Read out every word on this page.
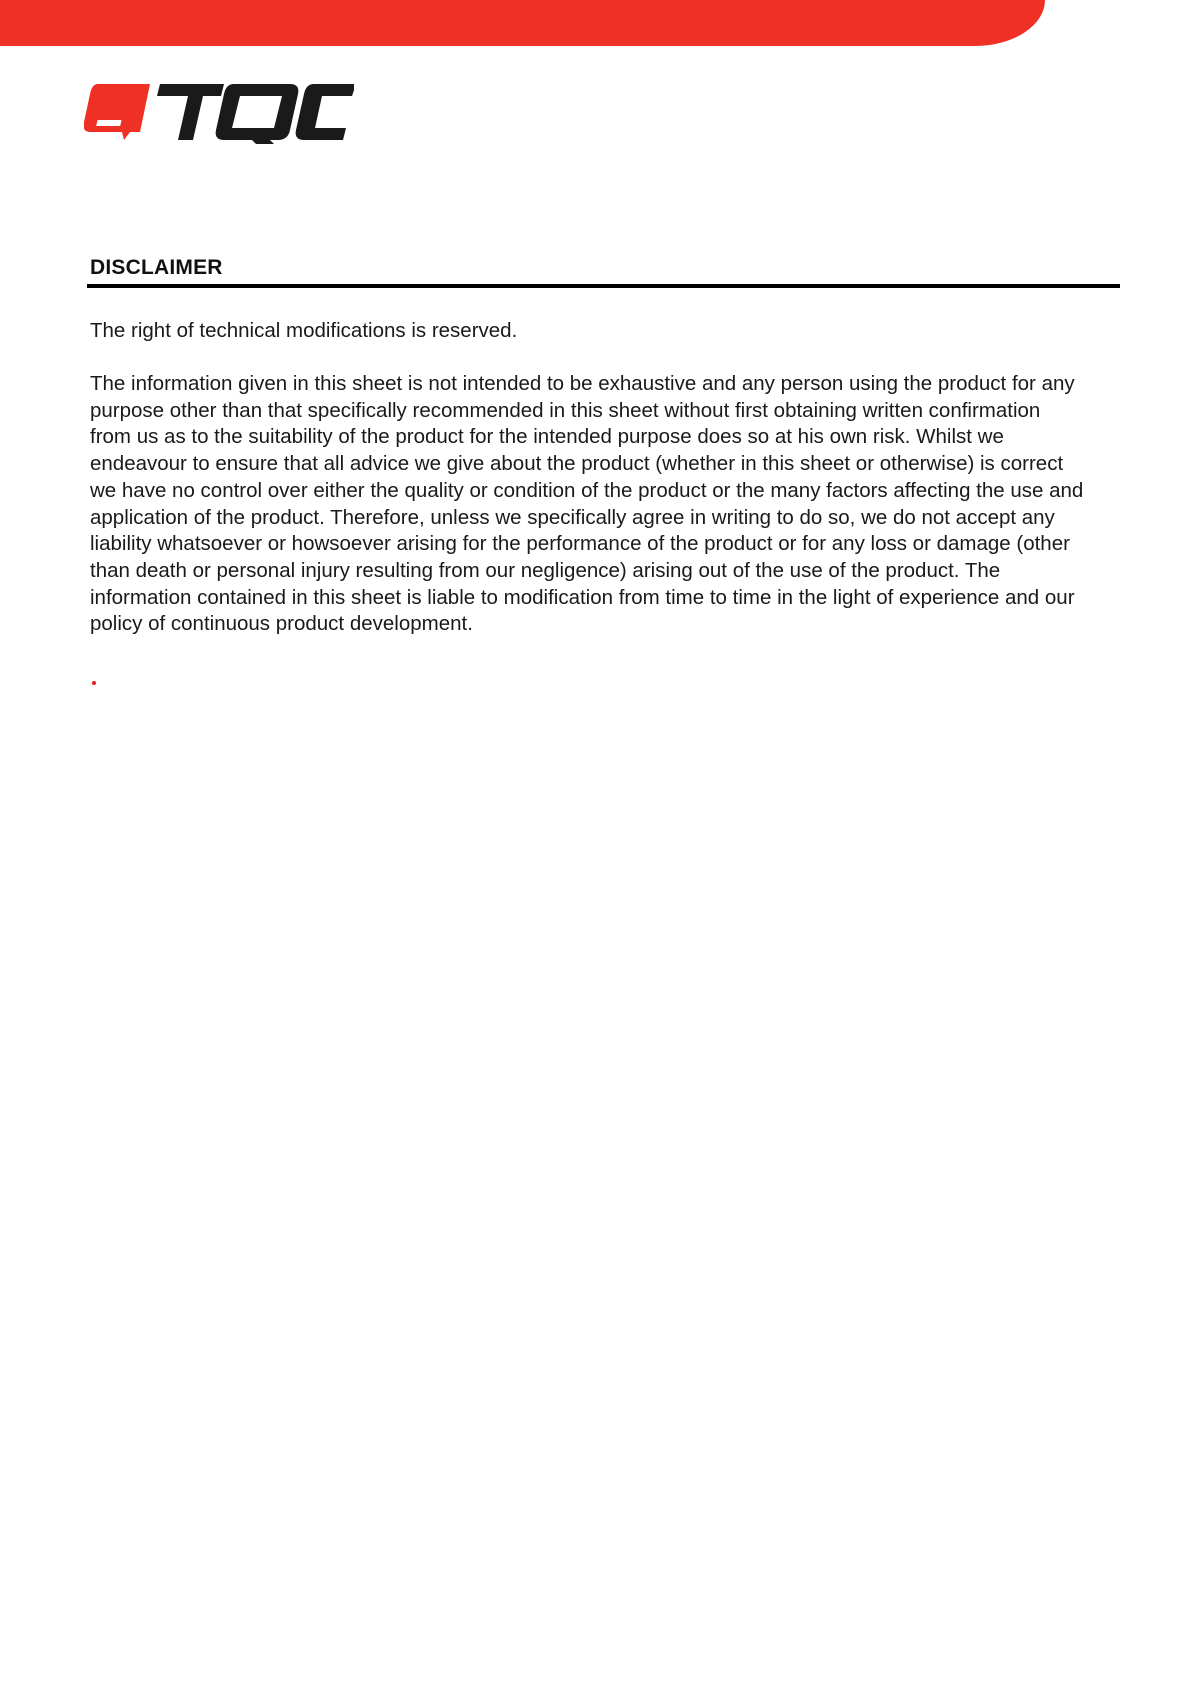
DISCLAIMER

The right of technical modifications is reserved.

The information given in this sheet is not intended to be exhaustive and any person using the product for any
purpose other than that specifically recommended in this sheet without first obtaining written confirmation
from us as to the suitability of the product for the intended purpose does so at his own risk. Whilst we
endeavour to ensure that all advice we give about the product (whether in this sheet or otherwise) is correct
we have no control over either the quality or condition of the product or the many factors affecting the use and
application of the product. Therefore, unless we specifically agree in writing to do so, we do not accept any
liability whatsoever or howsoever arising for the performance of the product or for any loss or damage (other
than death or personal injury resulting from our negligence) arising out of the use of the product. The
information contained in this sheet is liable to modification from time to time in the light of experience and our
policy of continuous product development.
